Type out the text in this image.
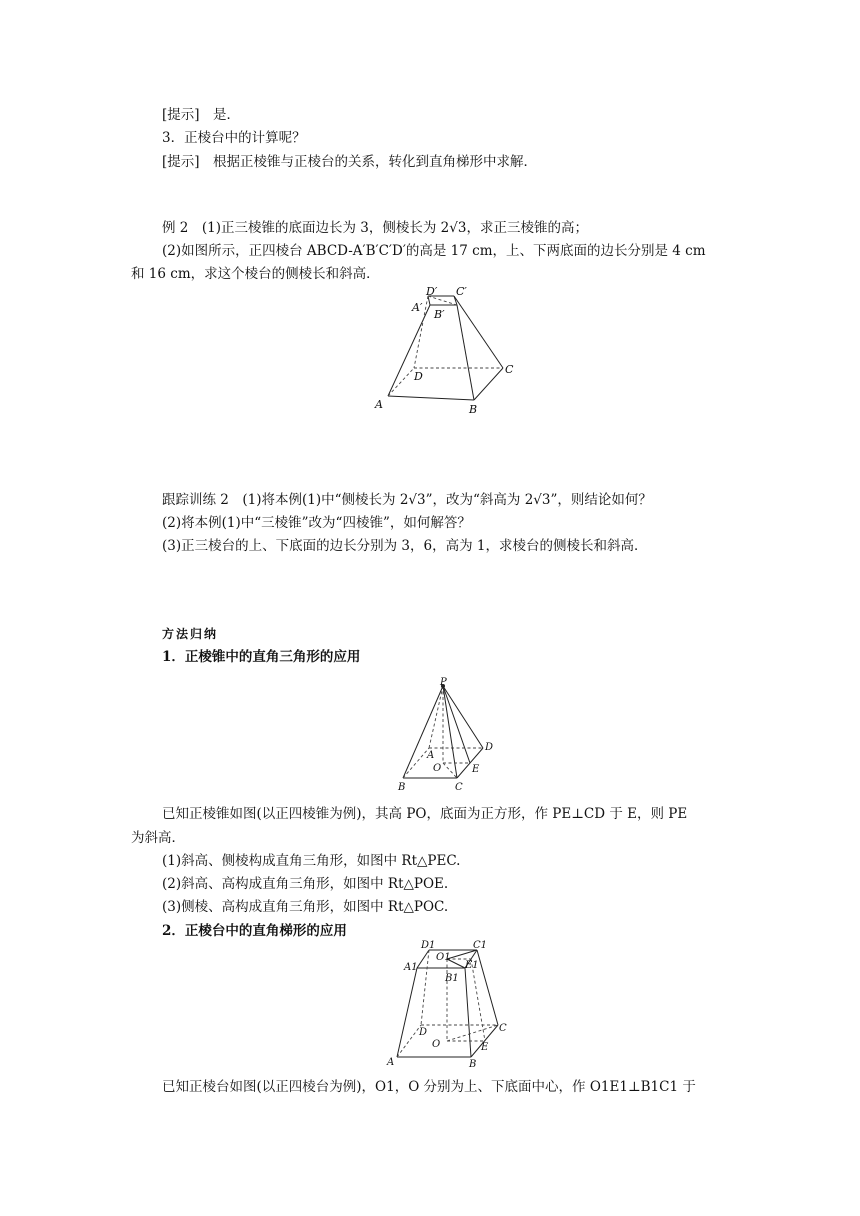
[提示]　是．
3．正棱台中的计算呢？
[提示]　根据正棱锥与正棱台的关系，转化到直角梯形中求解．
例 2　(1)正三棱锥的底面边长为 3，侧棱长为 2√3，求正三棱锥的高；
(2)如图所示，正四棱台 ABCD-A′B′C′D′的高是 17 cm，上、下两底面的边长分别是 4 cm
和 16 cm，求这个棱台的侧棱长和斜高．
D′ C′
A′
B′
D
C
A	B
跟踪训练 2　(1)将本例(1)中“侧棱长为 2√3”，改为“斜高为 2√3”，则结论如何？
(2)将本例(1)中“三棱锥”改为“四棱锥”，如何解答？
(3)正三棱台的上、下底面的边长分别为 3，6，高为 1，求棱台的侧棱长和斜高．
方法归纳
1．正棱锥中的直角三角形的应用
P
D
A
O	E
B	C
已知正棱锥如图(以正四棱锥为例)，其高 PO，底面为正方形，作 PE⊥CD 于 E，则 PE
为斜高．
(1)斜高、侧棱构成直角三角形，如图中 Rt△PEC.
(2)斜高、高构成直角三角形，如图中 Rt△POE.
(3)侧棱、高构成直角三角形，如图中 Rt△POC.
2．正棱台中的直角梯形的应用
D1	C1
O1
E1
A1
B1
D	C
O	E
A	B
已知正棱台如图(以正四棱台为例)，O1，O 分别为上、下底面中心，作 O1E1⊥B1C1 于
